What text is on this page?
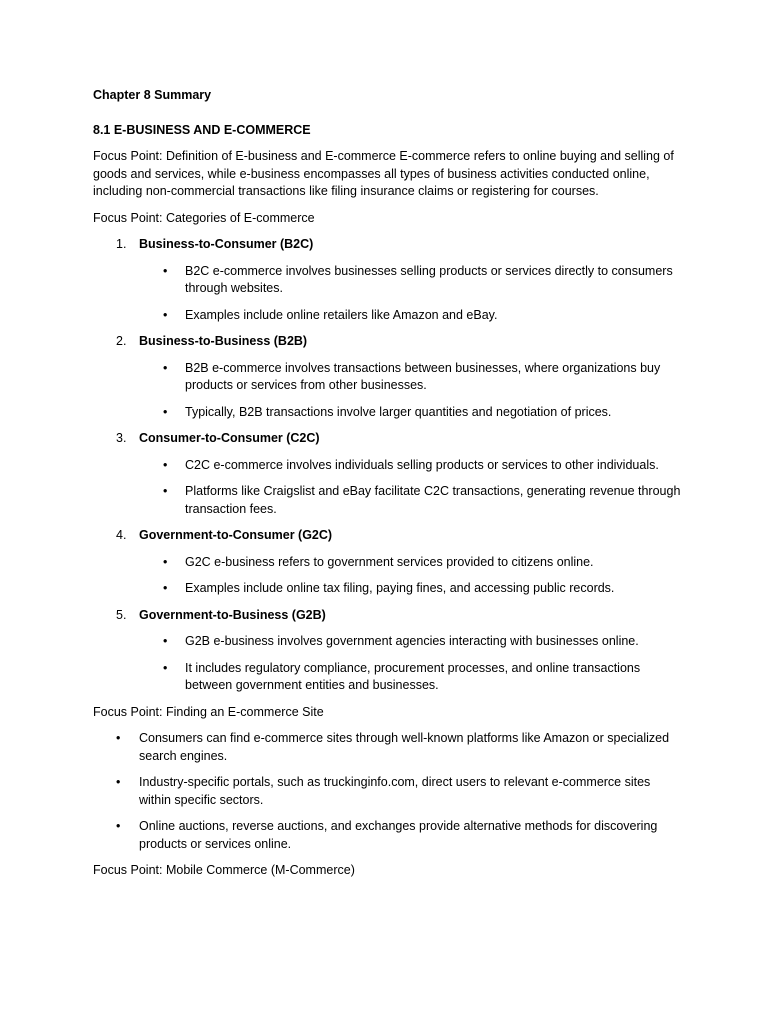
Chapter 8 Summary
8.1 E-BUSINESS AND E-COMMERCE

Focus Point: Definition of E-business and E-commerce E-commerce refers to online buying and selling of goods and services, while e-business encompasses all types of business activities conducted online, including non-commercial transactions like filing insurance claims or registering for courses.

Focus Point: Categories of E-commerce

1. Business-to-Consumer (B2C)
• B2C e-commerce involves businesses selling products or services directly to consumers through websites.
• Examples include online retailers like Amazon and eBay.
2. Business-to-Business (B2B)
• B2B e-commerce involves transactions between businesses, where organizations buy products or services from other businesses.
• Typically, B2B transactions involve larger quantities and negotiation of prices.
3. Consumer-to-Consumer (C2C)
• C2C e-commerce involves individuals selling products or services to other individuals.
• Platforms like Craigslist and eBay facilitate C2C transactions, generating revenue through transaction fees.
4. Government-to-Consumer (G2C)
• G2C e-business refers to government services provided to citizens online.
• Examples include online tax filing, paying fines, and accessing public records.
5. Government-to-Business (G2B)
• G2B e-business involves government agencies interacting with businesses online.
• It includes regulatory compliance, procurement processes, and online transactions between government entities and businesses.

Focus Point: Finding an E-commerce Site

• Consumers can find e-commerce sites through well-known platforms like Amazon or specialized search engines.
• Industry-specific portals, such as truckinginfo.com, direct users to relevant e-commerce sites within specific sectors.
• Online auctions, reverse auctions, and exchanges provide alternative methods for discovering products or services online.

Focus Point: Mobile Commerce (M-Commerce)
